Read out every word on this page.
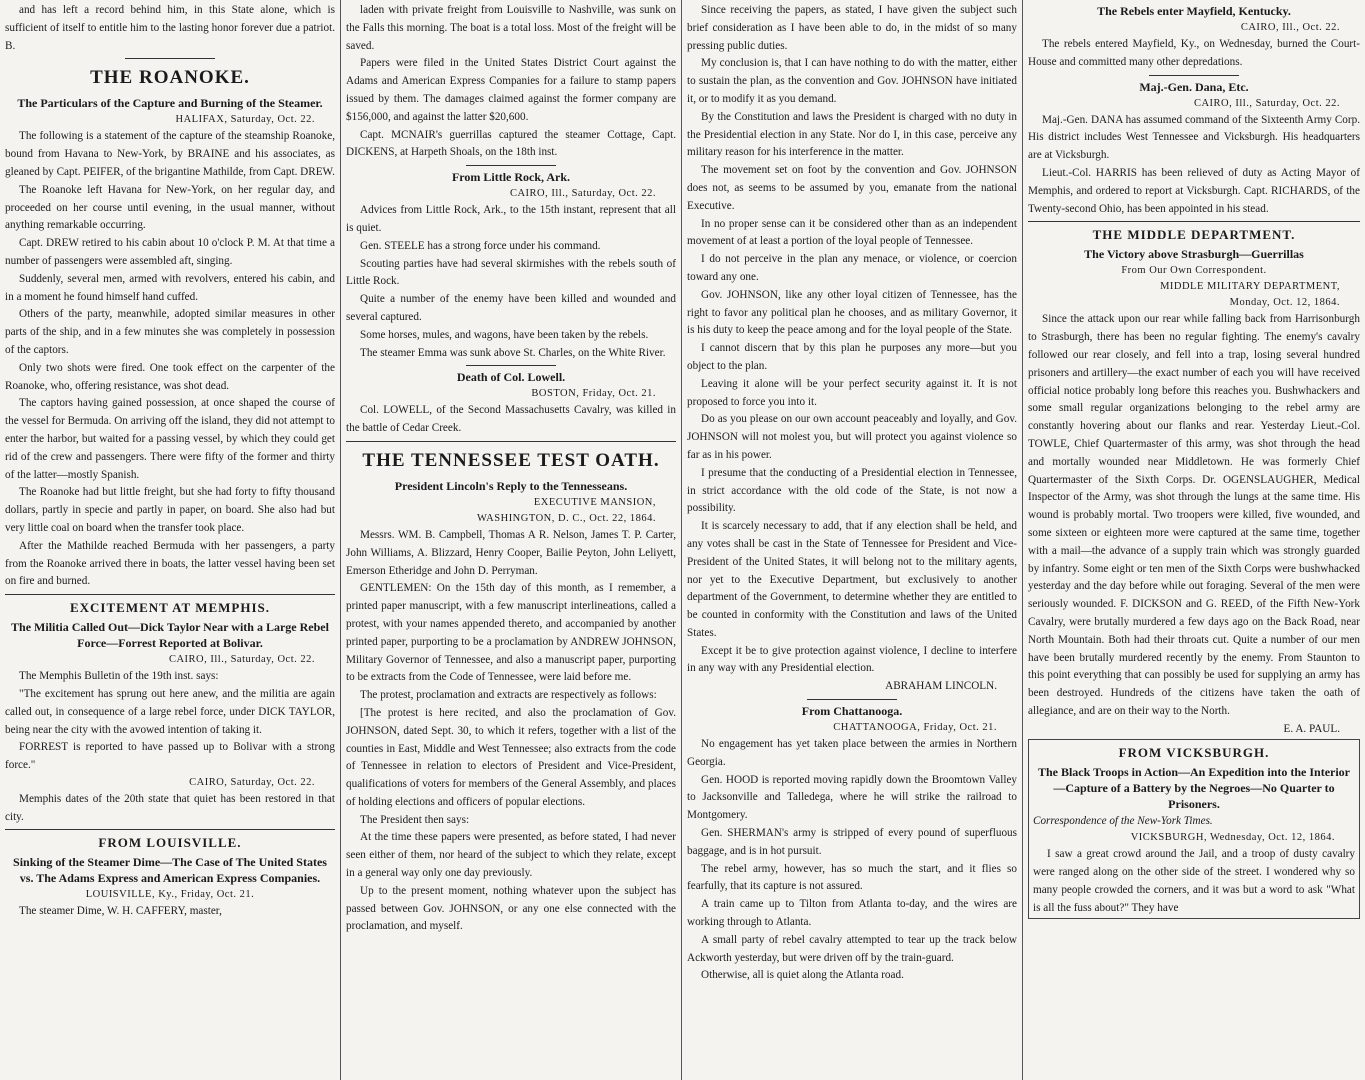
and has left a record behind him, in this State alone, which is sufficient of itself to entitle him to the lasting honor forever due a patriot. B.

THE ROANOKE.
The Particulars of the Capture and Burning of the Steamer.
HALIFAX, Saturday, Oct. 22.

The following is a statement of the capture of the steamship Roanoke, bound from Havana to New-York, by BRAINE and his associates, as gleaned by Capt. PEIFER, of the brigantine Mathilde, from Capt. DREW.

The Roanoke left Havana for New-York, on her regular day, and proceeded on her course until evening, in the usual manner, without anything remarkable occurring.

Capt. DREW retired to his cabin about 10 o'clock P. M. At that time a number of passengers were assembled aft, singing.

Suddenly, several men, armed with revolvers, entered his cabin, and in a moment he found himself hand cuffed.

Others of the party, meanwhile, adopted similar measures in other parts of the ship, and in a few minutes she was completely in possession of the captors.

Only two shots were fired. One took effect on the carpenter of the Roanoke, who, offering resistance, was shot dead.

The captors having gained possession, at once shaped the course of the vessel for Bermuda. On arriving off the island, they did not attempt to enter the harbor, but waited for a passing vessel, by which they could get rid of the crew and passengers. There were fifty of the former and thirty of the latter—mostly Spanish.

The Roanoke had but little freight, but she had forty to fifty thousand dollars, partly in specie and partly in paper, on board. She also had but very little coal on board when the transfer took place.

After the Mathilde reached Bermuda with her passengers, a party from the Roanoke arrived there in boats, the latter vessel having been set on fire and burned.

EXCITEMENT AT MEMPHIS.
The Militia Called Out—Dick Taylor Near with a Large Rebel Force—Forrest Reported at Bolivar.
CAIRO, Ill., Saturday, Oct. 22.

The Memphis Bulletin of the 19th inst. says:

"The excitement has sprung out here anew, and the militia are again called out, in consequence of a large rebel force, under DICK TAYLOR, being near the city with the avowed intention of taking it.

FORREST is reported to have passed up to Bolivar with a strong force."

CAIRO, Saturday, Oct. 22.

Memphis dates of the 20th state that quiet has been restored in that city.

FROM LOUISVILLE.
Sinking of the Steamer Dime—The Case of The United States vs. The Adams Express and American Express Companies.
LOUISVILLE, Ky., Friday, Oct. 21.

The steamer Dime, W. H. CAFFERY, master,

laden with private freight from Louisville to Nashville, was sunk on the Falls this morning. The boat is a total loss. Most of the freight will be saved.

Papers were filed in the United States District Court against the Adams and American Express Companies for a failure to stamp papers issued by them. The damages claimed against the former company are $156,000, and against the latter $20,600.

Capt. MCNAIR's guerrillas captured the steamer Cottage, Capt. DICKENS, at Harpeth Shoals, on the 18th inst.

From Little Rock, Ark.
CAIRO, Ill., Saturday, Oct. 22.

Advices from Little Rock, Ark., to the 15th instant, represent that all is quiet.

Gen. STEELE has a strong force under his command.

Scouting parties have had several skirmishes with the rebels south of Little Rock.

Quite a number of the enemy have been killed and wounded and several captured.

Some horses, mules, and wagons, have been taken by the rebels.

The steamer Emma was sunk above St. Charles, on the White River.

Death of Col. Lowell.
BOSTON, Friday, Oct. 21.

Col. LOWELL, of the Second Massachusetts Cavalry, was killed in the battle of Cedar Creek.

THE TENNESSEE TEST OATH.
President Lincoln's Reply to the Tennesseans.
EXECUTIVE MANSION,
WASHINGTON, D. C., Oct. 22, 1864.

Messrs. WM. B. Campbell, Thomas A R. Nelson, James T. P. Carter, John Williams, A. Blizzard, Henry Cooper, Bailie Peyton, John Leliyett, Emerson Etheridge and John D. Perryman.

GENTLEMEN: On the 15th day of this month, as I remember, a printed paper manuscript, with a few manuscript interlineations, called a protest, with your names appended thereto, and accompanied by another printed paper, purporting to be a proclamation by ANDREW JOHNSON, Military Governor of Tennessee, and also a manuscript paper, purporting to be extracts from the Code of Tennessee, were laid before me.

The protest, proclamation and extracts are respectively as follows:

[The protest is here recited, and also the proclamation of Gov. JOHNSON, dated Sept. 30, to which it refers, together with a list of the counties in East, Middle and West Tennessee; also extracts from the code of Tennessee in relation to electors of President and Vice-President, qualifications of voters for members of the General Assembly, and places of holding elections and officers of popular elections.

The President then says:

At the time these papers were presented, as before stated, I had never seen either of them, nor heard of the subject to which they relate, except in a general way only one day previously.

Up to the present moment, nothing whatever upon the subject has passed between Gov. JOHNSON, or any one else connected with the proclamation, and myself.

Since receiving the papers, as stated, I have given the subject such brief consideration as I have been able to do, in the midst of so many pressing public duties.

My conclusion is, that I can have nothing to do with the matter, either to sustain the plan, as the convention and Gov. JOHNSON have initiated it, or to modify it as you demand.

By the Constitution and laws the President is charged with no duty in the Presidential election in any State. Nor do I, in this case, perceive any military reason for his interference in the matter.

The movement set on foot by the convention and Gov. JOHNSON does not, as seems to be assumed by you, emanate from the national Executive.

In no proper sense can it be considered other than as an independent movement of at least a portion of the loyal people of Tennessee.

I do not perceive in the plan any menace, or violence, or coercion toward any one.

Gov. JOHNSON, like any other loyal citizen of Tennessee, has the right to favor any political plan he chooses, and as military Governor, it is his duty to keep the peace among and for the loyal people of the State.

I cannot discern that by this plan he purposes any more—but you object to the plan.

Leaving it alone will be your perfect security against it. It is not proposed to force you into it.

Do as you please on our own account peaceably and loyally, and Gov. JOHNSON will not molest you, but will protect you against violence so far as in his power.

I presume that the conducting of a Presidential election in Tennessee, in strict accordance with the old code of the State, is not now a possibility.

It is scarcely necessary to add, that if any election shall be held, and any votes shall be cast in the State of Tennessee for President and Vice-President of the United States, it will belong not to the military agents, nor yet to the Executive Department, but exclusively to another department of the Government, to determine whether they are entitled to be counted in conformity with the Constitution and laws of the United States.

Except it be to give protection against violence, I decline to interfere in any way with any Presidential election.

ABRAHAM LINCOLN.
From Chattanooga.
CHATTANOOGA, Friday, Oct. 21.

No engagement has yet taken place between the armies in Northern Georgia.

Gen. HOOD is reported moving rapidly down the Broomtown Valley to Jacksonville and Talledega, where he will strike the railroad to Montgomery.

Gen. SHERMAN's army is stripped of every pound of superfluous baggage, and is in hot pursuit.

The rebel army, however, has so much the start, and it flies so fearfully, that its capture is not assured.

A train came up to Tilton from Atlanta to-day, and the wires are working through to Atlanta.

A small party of rebel cavalry attempted to tear up the track below Ackworth yesterday, but were driven off by the train-guard.

Otherwise, all is quiet along the Atlanta road.

The Rebels enter Mayfield, Kentucky.
CAIRO, Ill., Oct. 22.

The rebels entered Mayfield, Ky., on Wednesday, burned the Court-House and committed many other depredations.

Maj.-Gen. Dana, Etc.
CAIRO, Ill., Saturday, Oct. 22.

Maj.-Gen. DANA has assumed command of the Sixteenth Army Corp. His district includes West Tennessee and Vicksburgh. His headquarters are at Vicksburgh.

Lieut.-Col. HARRIS has been relieved of duty as Acting Mayor of Memphis, and ordered to report at Vicksburgh. Capt. RICHARDS, of the Twenty-second Ohio, has been appointed in his stead.

THE MIDDLE DEPARTMENT.
The Victory above Strasburgh—Guerrillas
From Our Own Correspondent.
MIDDLE MILITARY DEPARTMENT,
Monday, Oct. 12, 1864.

Since the attack upon our rear while falling back from Harrisonburgh to Strasburgh, there has been no regular fighting. The enemy's cavalry followed our rear closely, and fell into a trap, losing several hundred prisoners and artillery—the exact number of each you will have received official notice probably long before this reaches you. Bushwhackers and some small regular organizations belonging to the rebel army are constantly hovering about our flanks and rear. Yesterday Lieut.-Col. TOWLE, Chief Quartermaster of this army, was shot through the head and mortally wounded near Middletown. He was formerly Chief Quartermaster of the Sixth Corps. Dr. OGENSLAUGHER, Medical Inspector of the Army, was shot through the lungs at the same time. His wound is probably mortal. Two troopers were killed, five wounded, and some sixteen or eighteen more were captured at the same time, together with a mail—the advance of a supply train which was strongly guarded by infantry. Some eight or ten men of the Sixth Corps were bushwhacked yesterday and the day before while out foraging. Several of the men were seriously wounded. F. DICKSON and G. REED, of the Fifth New-York Cavalry, were brutally murdered a few days ago on the Back Road, near North Mountain. Both had their throats cut. Quite a number of our men have been brutally murdered recently by the enemy. From Staunton to this point everything that can possibly be used for supplying an army has been destroyed. Hundreds of the citizens have taken the oath of allegiance, and are on their way to the North.

E. A. PAUL.
FROM VICKSBURGH.
The Black Troops in Action—An Expedition into the Interior—Capture of a Battery by the Negroes—No Quarter to Prisoners.

Correspondence of the New-York Times.

VICKSBURGH, Wednesday, Oct. 12, 1864.

I saw a great crowd around the Jail, and a troop of dusty cavalry were ranged along on the other side of the street. I wondered why so many people crowded the corners, and it was but a word to ask "What is all the fuss about?" They have
